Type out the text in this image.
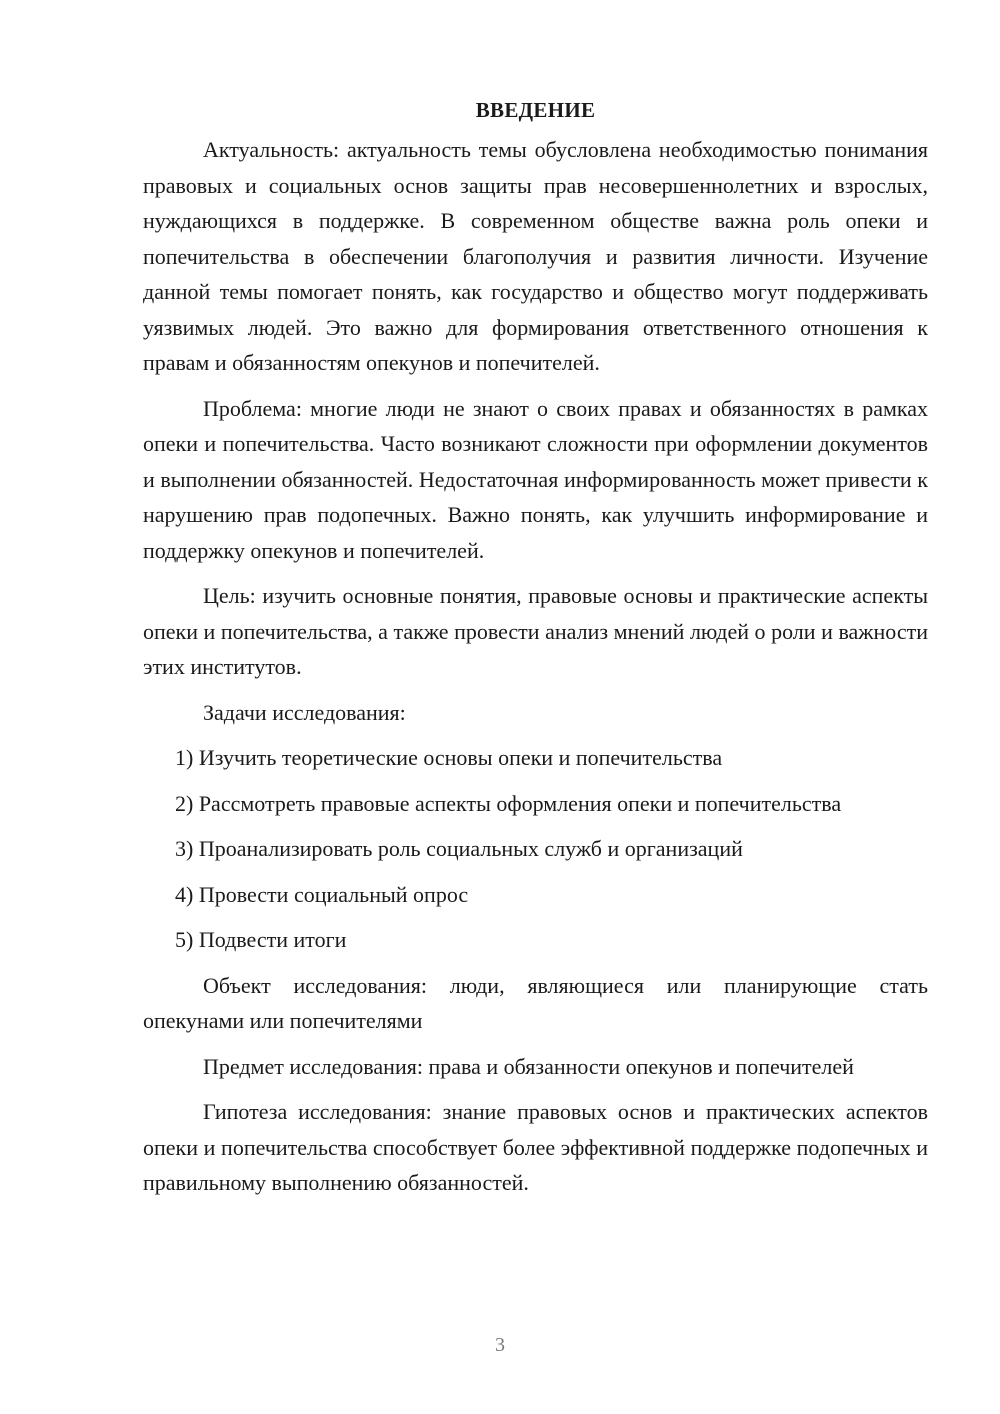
ВВЕДЕНИЕ

Актуальность: актуальность темы обусловлена необходимостью понимания правовых и социальных основ защиты прав несовершеннолетних и взрослых, нуждающихся в поддержке. В современном обществе важна роль опеки и попечительства в обеспечении благополучия и развития личности. Изучение данной темы помогает понять, как государство и общество могут поддерживать уязвимых людей. Это важно для формирования ответственного отношения к правам и обязанностям опекунов и попечителей.

Проблема: многие люди не знают о своих правах и обязанностях в рамках опеки и попечительства. Часто возникают сложности при оформлении документов и выполнении обязанностей. Недостаточная информированность может привести к нарушению прав подопечных. Важно понять, как улучшить информирование и поддержку опекунов и попечителей.

Цель: изучить основные понятия, правовые основы и практические аспекты опеки и попечительства, а также провести анализ мнений людей о роли и важности этих институтов.

Задачи исследования:

1) Изучить теоретические основы опеки и попечительства
2) Рассмотреть правовые аспекты оформления опеки и попечительства
3) Проанализировать роль социальных служб и организаций
4) Провести социальный опрос
5) Подвести итоги

Объект исследования: люди, являющиеся или планирующие стать опекунами или попечителями

Предмет исследования: права и обязанности опекунов и попечителей

Гипотеза исследования: знание правовых основ и практических аспектов опеки и попечительства способствует более эффективной поддержке подопечных и правильному выполнению обязанностей.

3
